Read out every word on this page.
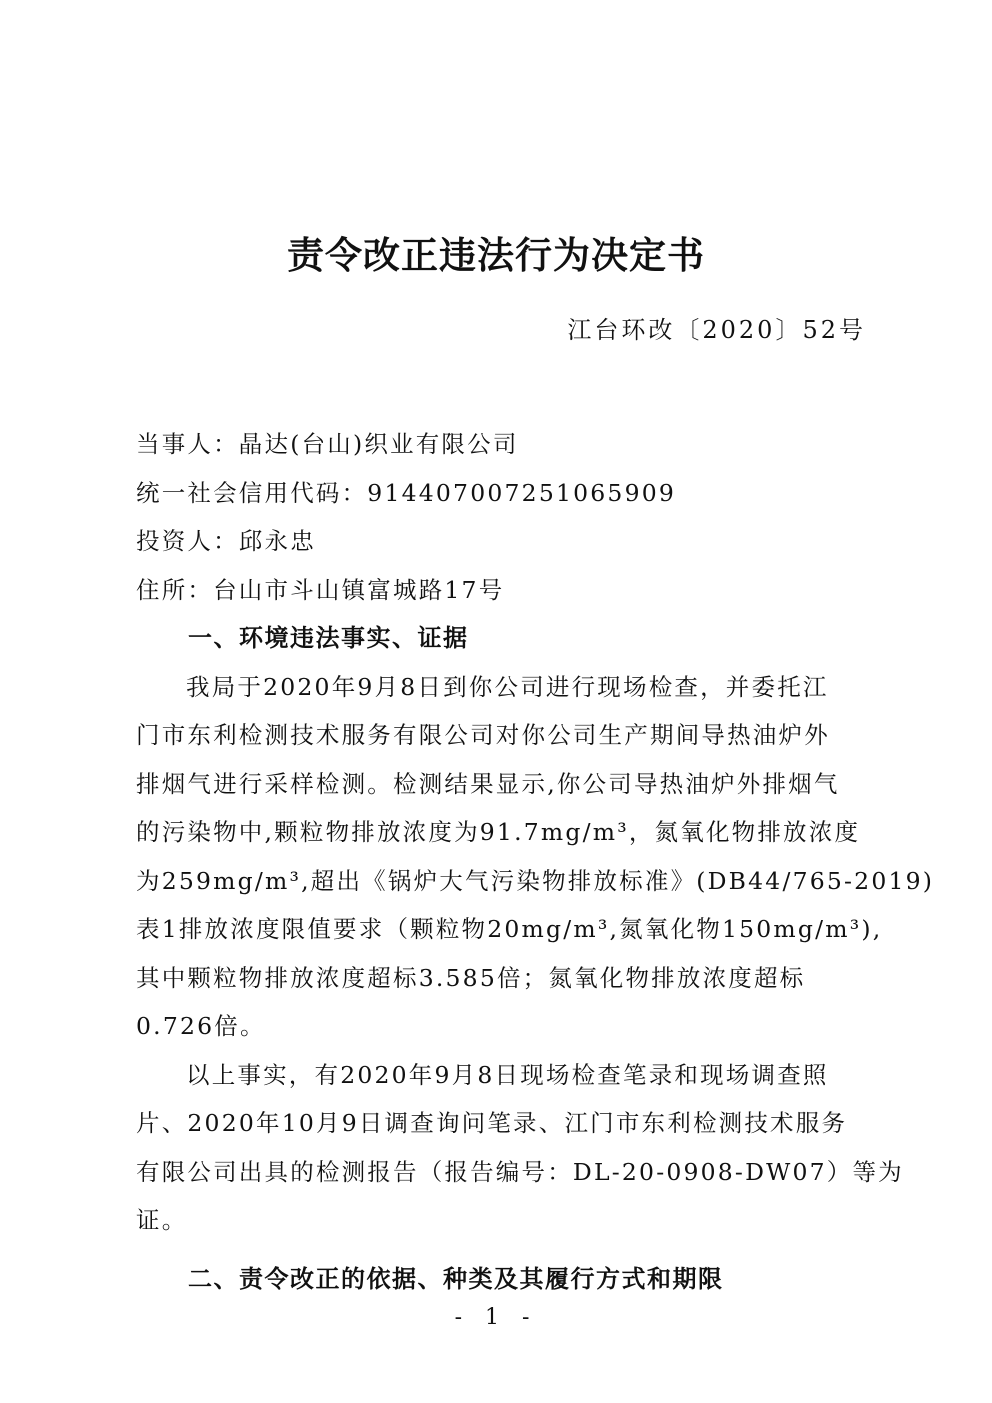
责令改正违法行为决定书

江台环改〔2020〕52号

当事人：晶达(台山)织业有限公司

统一社会信用代码：914407007251065909

投资人：邱永忠

住所：台山市斗山镇富城路17号

一、环境违法事实、证据

我局于2020年9月8日到你公司进行现场检查，并委托江
门市东利检测技术服务有限公司对你公司生产期间导热油炉外
排烟气进行采样检测。检测结果显示,你公司导热油炉外排烟气
的污染物中,颗粒物排放浓度为91.7mg/m³，氮氧化物排放浓度
为259mg/m³,超出《锅炉大气污染物排放标准》(DB44/765-2019)
表1排放浓度限值要求（颗粒物20mg/m³,氮氧化物150mg/m³),
其中颗粒物排放浓度超标3.585倍；氮氧化物排放浓度超标
0.726倍。

以上事实，有2020年9月8日现场检查笔录和现场调查照
片、2020年10月9日调查询问笔录、江门市东利检测技术服务
有限公司出具的检测报告（报告编号：DL-20-0908-DW07）等为
证。

二、责令改正的依据、种类及其履行方式和期限

- 1 -
